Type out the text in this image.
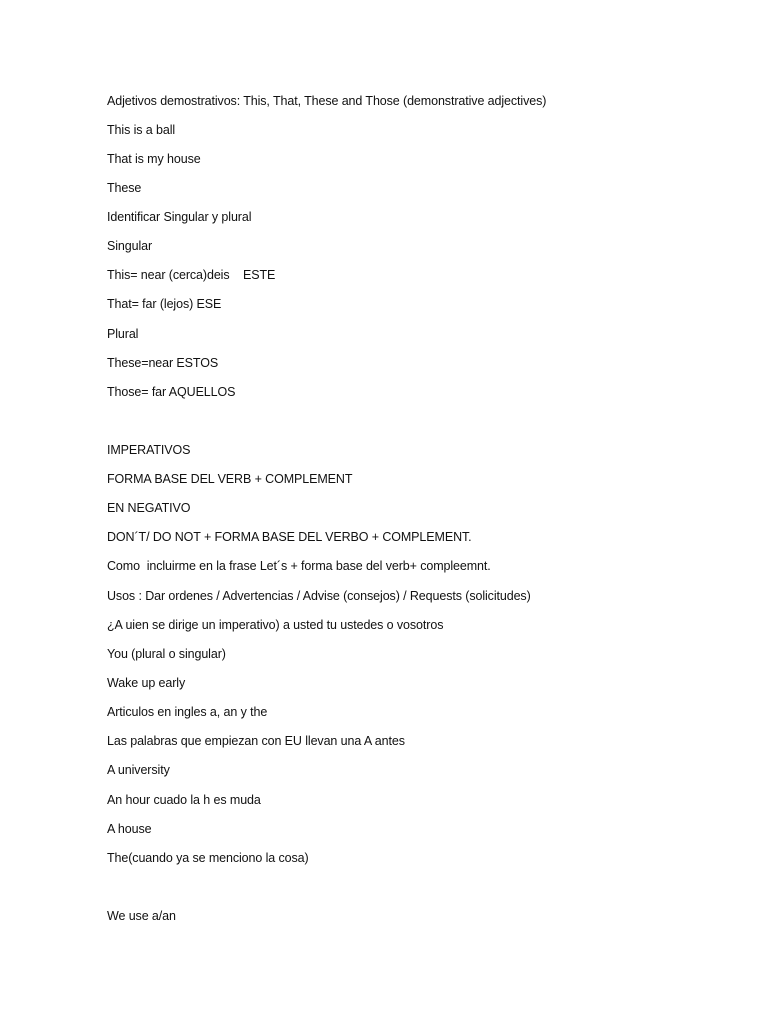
Adjetivos demostrativos: This, That, These and Those (demonstrative adjectives)
This is a ball
That is my house
These
Identificar Singular y plural
Singular
This= near (cerca)deis    ESTE
That= far (lejos) ESE
Plural
These=near ESTOS
Those= far AQUELLOS
IMPERATIVOS
FORMA BASE DEL VERB + COMPLEMENT
EN NEGATIVO
DON´T/ DO NOT + FORMA BASE DEL VERBO + COMPLEMENT.
Como  incluirme en la frase Let´s + forma base del verb+ compleemnt.
Usos : Dar ordenes / Advertencias / Advise (consejos) / Requests (solicitudes)
¿A uien se dirige un imperativo) a usted tu ustedes o vosotros
You (plural o singular)
Wake up early
Articulos en ingles a, an y the
Las palabras que empiezan con EU llevan una A antes
A university
An hour cuado la h es muda
A house
The(cuando ya se menciono la cosa)
We use a/an
